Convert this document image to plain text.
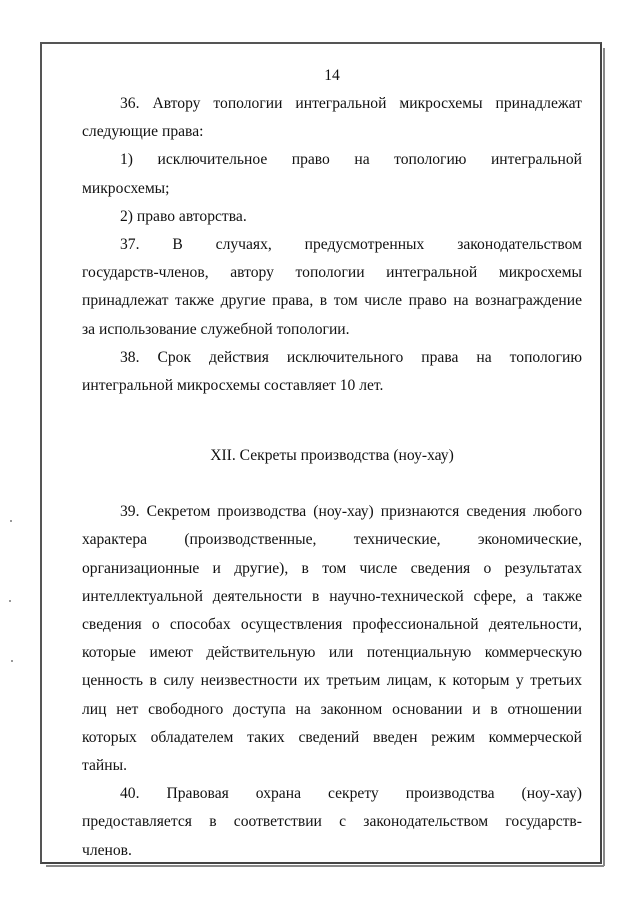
14

36. Автору топологии интегральной микросхемы принадлежат

следующие права:

1) исключительное право на топологию интегральной

микросхемы;

2) право авторства.

37. В случаях, предусмотренных законодательством

государств-членов, автору топологии интегральной микросхемы

принадлежат также другие права, в том числе право на вознаграждение

за использование служебной топологии.

38. Срок действия исключительного права на топологию

интегральной микросхемы составляет 10 лет.

XII. Секреты производства (ноу-хау)

39. Секретом производства (ноу-хау) признаются сведения любого

характера (производственные, технические, экономические,

организационные и другие), в том числе сведения о результатах

интеллектуальной деятельности в научно-технической сфере, а также

сведения о способах осуществления профессиональной деятельности,

которые имеют действительную или потенциальную коммерческую

ценность в силу неизвестности их третьим лицам, к которым у третьих

лиц нет свободного доступа на законном основании и в отношении

которых обладателем таких сведений введен режим коммерческой

тайны.

40. Правовая охрана секрету производства (ноу-хау)

предоставляется в соответствии с законодательством государств-

членов.
